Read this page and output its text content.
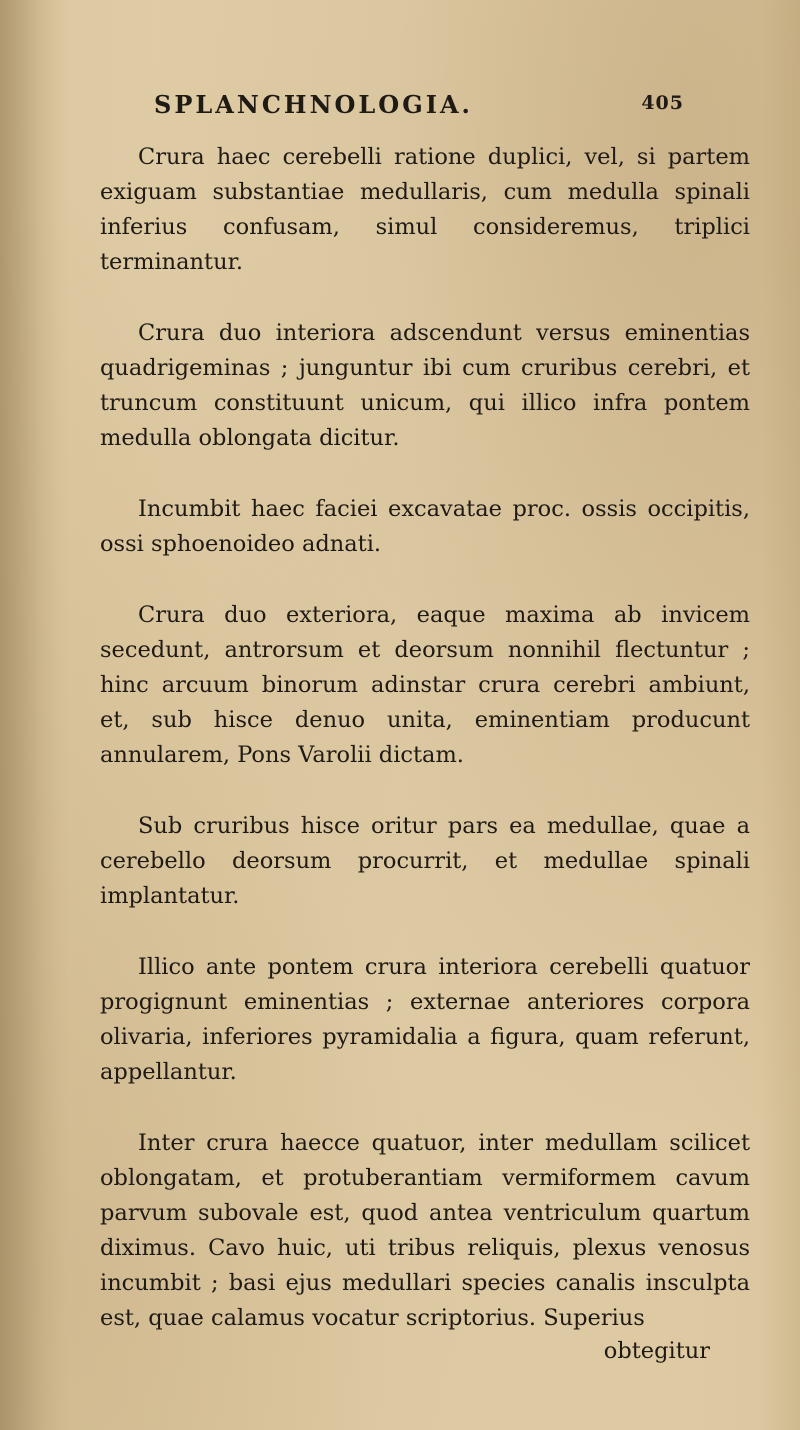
SPLANCHNOLOGIA.	405

Crura haec cerebelli ratione duplici, vel, si partem exiguam substantiae medullaris, cum medulla spinali inferius confusam, simul consideremus, triplici terminantur.

Crura duo interiora adscendunt versus eminentias quadrigeminas ; junguntur ibi cum cruribus cerebri, et truncum constituunt unicum, qui illico infra pontem medulla oblongata dicitur.

Incumbit haec faciei excavatae proc. ossis occipitis, ossi sphoenoideo adnati.

Crura duo exteriora, eaque maxima ab invicem secedunt, antrorsum et deorsum nonnihil flectuntur ; hinc arcuum binorum adinstar crura cerebri ambiunt, et, sub hisce denuo unita, eminentiam producunt annularem, Pons Varolii dictam.

Sub cruribus hisce oritur pars ea medullae, quae a cerebello deorsum procurrit, et medullae spinali implantatur.

Illico ante pontem crura interiora cerebelli quatuor progignunt eminentias ; externae anteriores corpora olivaria, inferiores pyramidalia a figura, quam referunt, appellantur.

Inter crura haecce quatuor, inter medullam scilicet oblongatam, et protuberantiam vermiformem cavum parvum subovale est, quod antea ventriculum quartum diximus. Cavo huic, uti tribus reliquis, plexus venosus incumbit ; basi ejus medullari species canalis insculpta est, quae calamus vocatur scriptorius. Superius

obtegitur
